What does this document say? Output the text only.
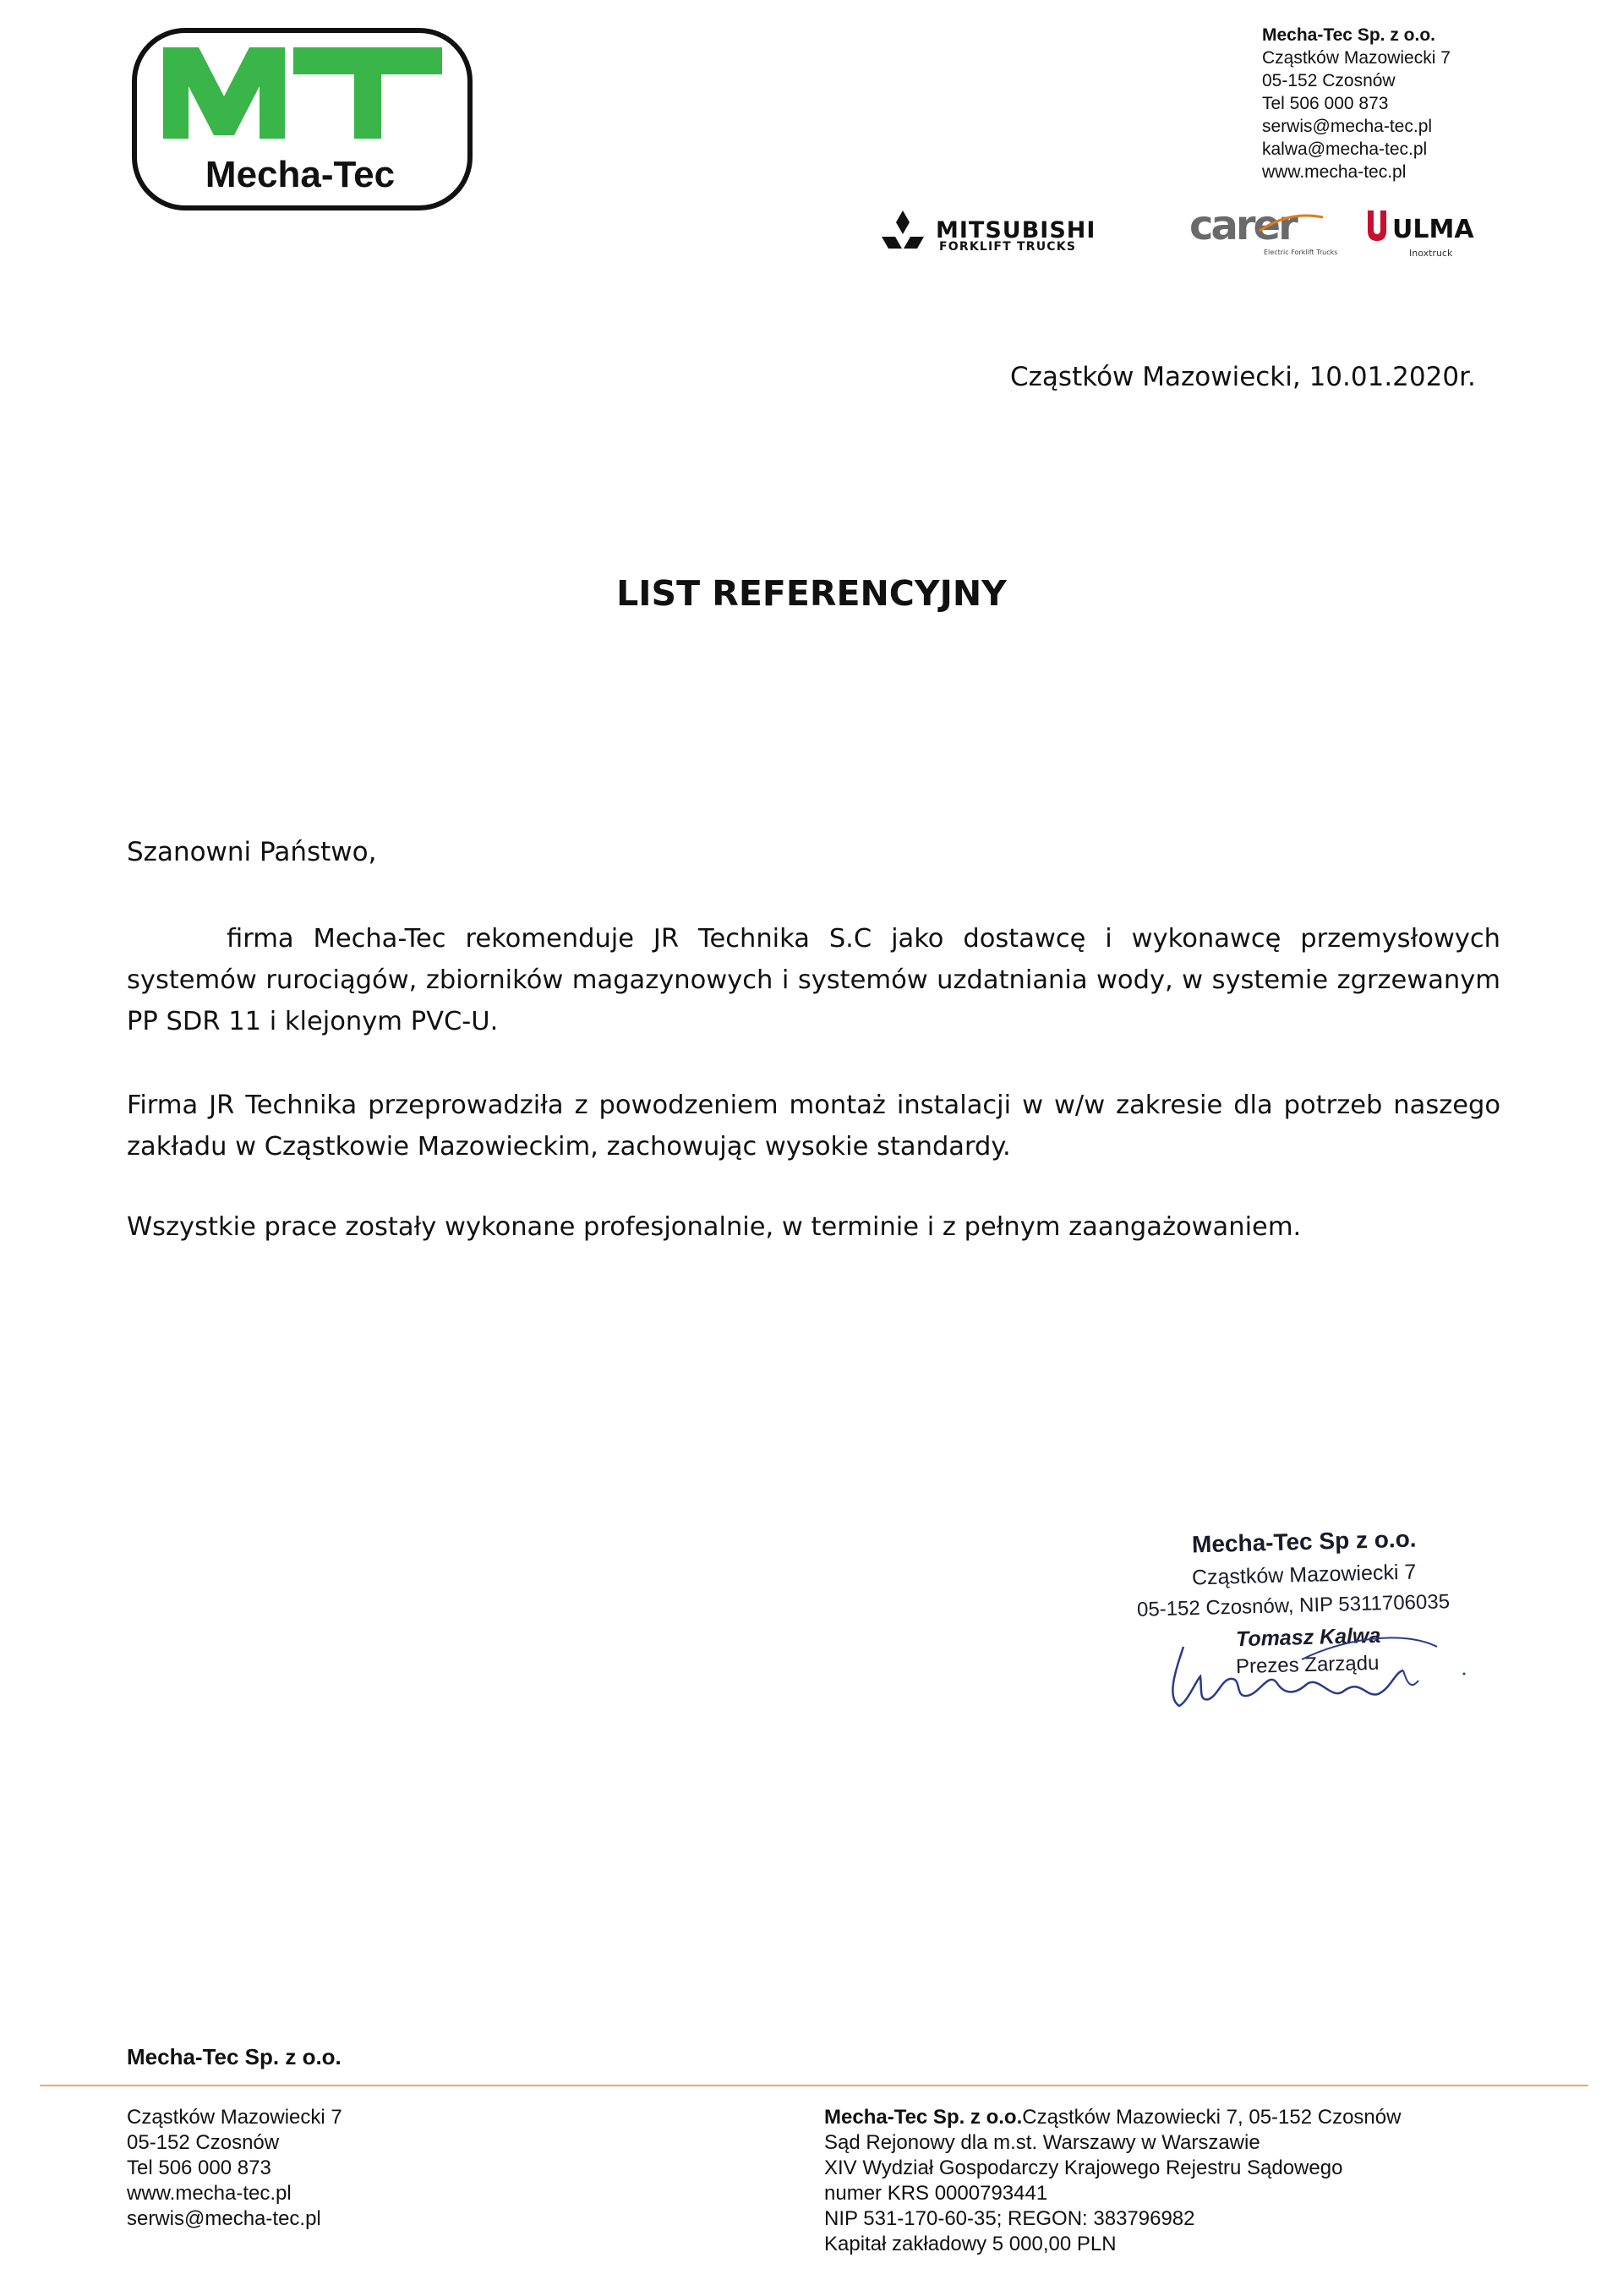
Mecha-Tec
Mecha-Tec Sp. z o.o.
Cząstków Mazowiecki 7
05-152 Czosnów
Tel 506 000 873
serwis@mecha-tec.pl
kalwa@mecha-tec.pl
www.mecha-tec.pl
MITSUBISHI
FORKLIFT TRUCKS	carer
Electric Forklift Trucks
ULMA
Inoxtruck
Cząstków Mazowiecki, 10.01.2020r.
LIST REFERENCYJNY
Szanowni Państwo,
firma Mecha-Tec rekomenduje JR Technika S.C jako dostawcę i wykonawcę przemysłowych systemów rurociągów, zbiorników magazynowych i systemów uzdatniania wody, w systemie zgrzewanym PP SDR 11 i klejonym PVC-U.
Firma JR Technika przeprowadziła z powodzeniem montaż instalacji w w/w zakresie dla potrzeb naszego zakładu w Cząstkowie Mazowieckim, zachowując wysokie standardy.
Wszystkie prace zostały wykonane profesjonalnie, w terminie i z pełnym zaangażowaniem.
Mecha-Tec Sp z o.o.
Cząstków Mazowiecki 7
05-152 Czosnów, NIP 5311706035
Tomasz Kalwa
Prezes Zarządu
Mecha-Tec Sp. z o.o.
Cząstków Mazowiecki 7
05-152 Czosnów
Tel 506 000 873
www.mecha-tec.pl
serwis@mecha-tec.pl
Mecha-Tec Sp. z o.o.Cząstków Mazowiecki 7, 05-152 Czosnów
Sąd Rejonowy dla m.st. Warszawy w Warszawie
XIV Wydział Gospodarczy Krajowego Rejestru Sądowego
numer KRS 0000793441
NIP 531-170-60-35; REGON: 383796982
Kapitał zakładowy 5 000,00 PLN
